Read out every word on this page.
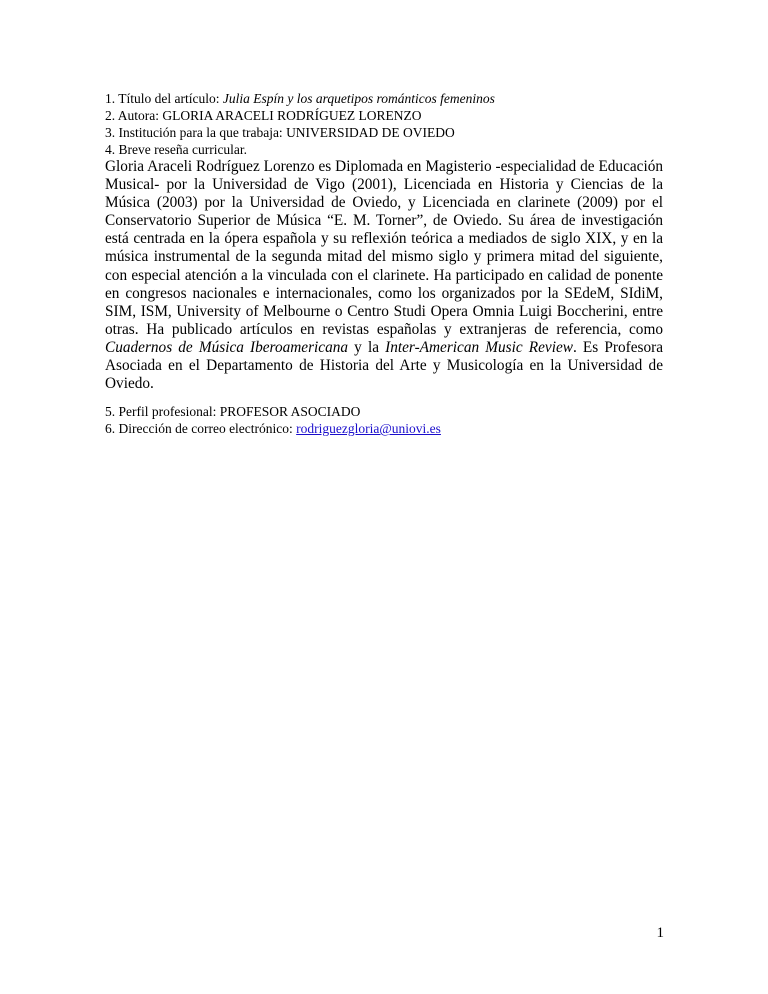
1. Título del artículo: Julia Espín y los arquetipos románticos femeninos
2. Autora: GLORIA ARACELI RODRÍGUEZ LORENZO
3. Institución para la que trabaja: UNIVERSIDAD DE OVIEDO
4. Breve reseña curricular.

Gloria Araceli Rodríguez Lorenzo es Diplomada en Magisterio -especialidad de Educación Musical- por la Universidad de Vigo (2001), Licenciada en Historia y Ciencias de la Música (2003) por la Universidad de Oviedo, y Licenciada en clarinete (2009) por el Conservatorio Superior de Música “E. M. Torner”, de Oviedo. Su área de investigación está centrada en la ópera española y su reflexión teórica a mediados de siglo XIX, y en la música instrumental de la segunda mitad del mismo siglo y primera mitad del siguiente, con especial atención a la vinculada con el clarinete. Ha participado en calidad de ponente en congresos nacionales e internacionales, como los organizados por la SEdeM, SIdiM, SIM, ISM, University of Melbourne o Centro Studi Opera Omnia Luigi Boccherini, entre otras. Ha publicado artículos en revistas españolas y extranjeras de referencia, como Cuadernos de Música Iberoamericana y la Inter-American Music Review. Es Profesora Asociada en el Departamento de Historia del Arte y Musicología en la Universidad de Oviedo.

5. Perfil profesional: PROFESOR ASOCIADO
6. Dirección de correo electrónico: rodriguezgloria@uniovi.es
1
